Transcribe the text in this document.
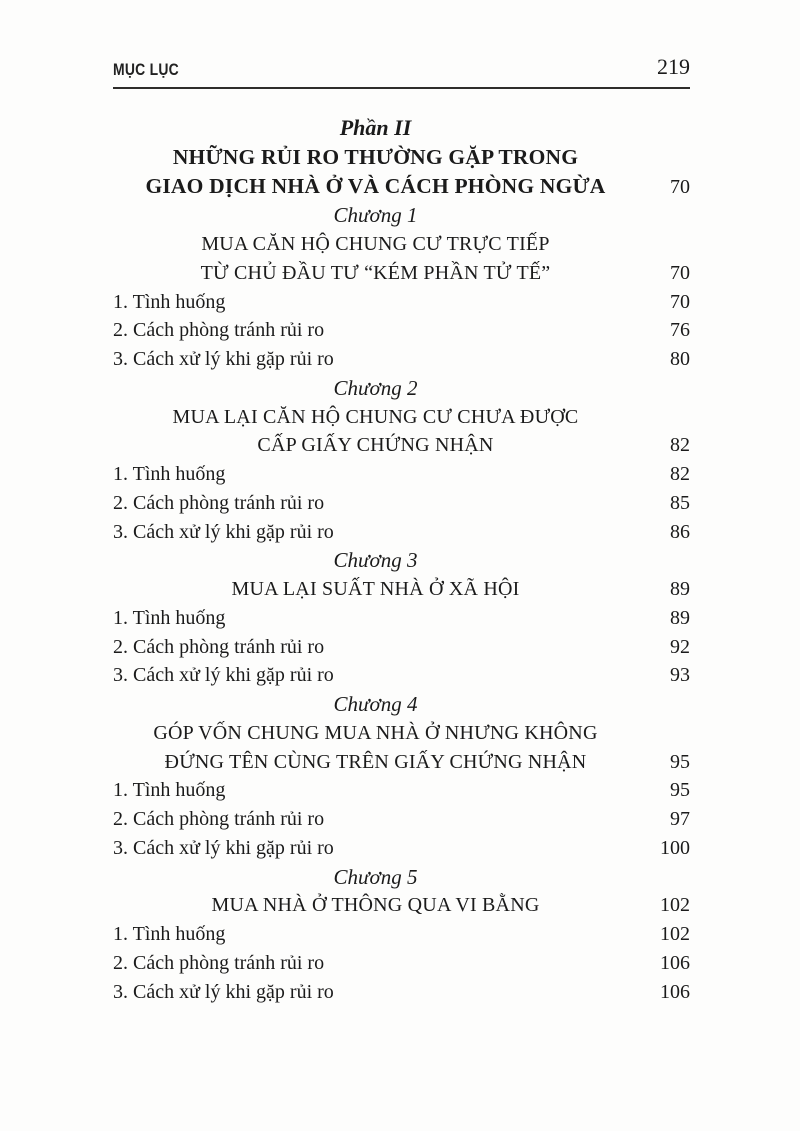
MỤC LỤC	219
Phần II
NHỮNG RỦI RO THƯỜNG GẶP TRONG
GIAO DỊCH NHÀ Ở VÀ CÁCH PHÒNG NGỪA	70
Chương 1
MUA CĂN HỘ CHUNG CƯ TRỰC TIẾP
TỪ CHỦ ĐẦU TƯ “KÉM PHẦN TỬ TẾ”	70
1. Tình huống	70
2. Cách phòng tránh rủi ro	76
3. Cách xử lý khi gặp rủi ro	80
Chương 2
MUA LẠI CĂN HỘ CHUNG CƯ CHƯA ĐƯỢC
CẤP GIẤY CHỨNG NHẬN	82
1. Tình huống	82
2. Cách phòng tránh rủi ro	85
3. Cách xử lý khi gặp rủi ro	86
Chương 3
MUA LẠI SUẤT NHÀ Ở XÃ HỘI	89
1. Tình huống	89
2. Cách phòng tránh rủi ro	92
3. Cách xử lý khi gặp rủi ro	93
Chương 4
GÓP VỐN CHUNG MUA NHÀ Ở NHƯNG KHÔNG
ĐỨNG TÊN CÙNG TRÊN GIẤY CHỨNG NHẬN	95
1. Tình huống	95
2. Cách phòng tránh rủi ro	97
3. Cách xử lý khi gặp rủi ro	100
Chương 5
MUA NHÀ Ở THÔNG QUA VI BẰNG	102
1. Tình huống	102
2. Cách phòng tránh rủi ro	106
3. Cách xử lý khi gặp rủi ro	106
